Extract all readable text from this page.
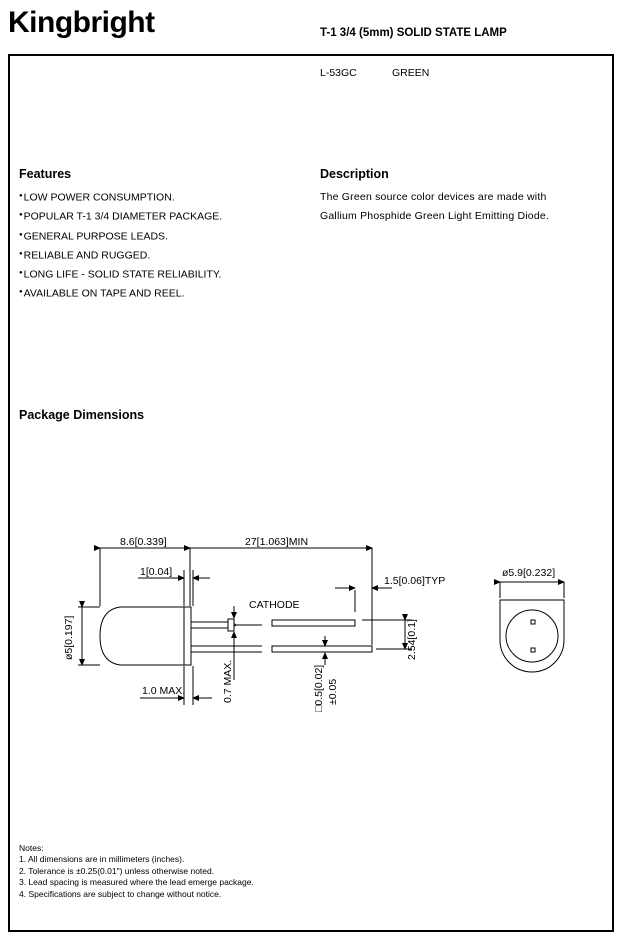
Kingbright	T-1 3/4 (5mm) SOLID STATE LAMP
L-53GC	GREEN
Features
● LOW POWER CONSUMPTION.
● POPULAR T-1 3/4 DIAMETER PACKAGE.
● GENERAL PURPOSE LEADS.
● RELIABLE AND RUGGED.
● LONG LIFE - SOLID STATE RELIABILITY.
● AVAILABLE ON TAPE AND REEL.
Description
The Green source color devices are made with
Gallium Phosphide Green Light Emitting Diode.
Package Dimensions
8.6[0.339]	27[1.063]MIN
1[0.04]
1.5[0.06]TYP
ø5.9[0.232]
CATHODE
1.0 MAX.
ø5[0.197]	2.54[0.1]
0.7 MAX.	□0.5[0.02] ±0.05
Notes:
1. All dimensions are in millimeters (inches).
2. Tolerance is ±0.25(0.01") unless otherwise noted.
3. Lead spacing is measured where the lead emerge package.
4. Specifications are subject to change without notice.
